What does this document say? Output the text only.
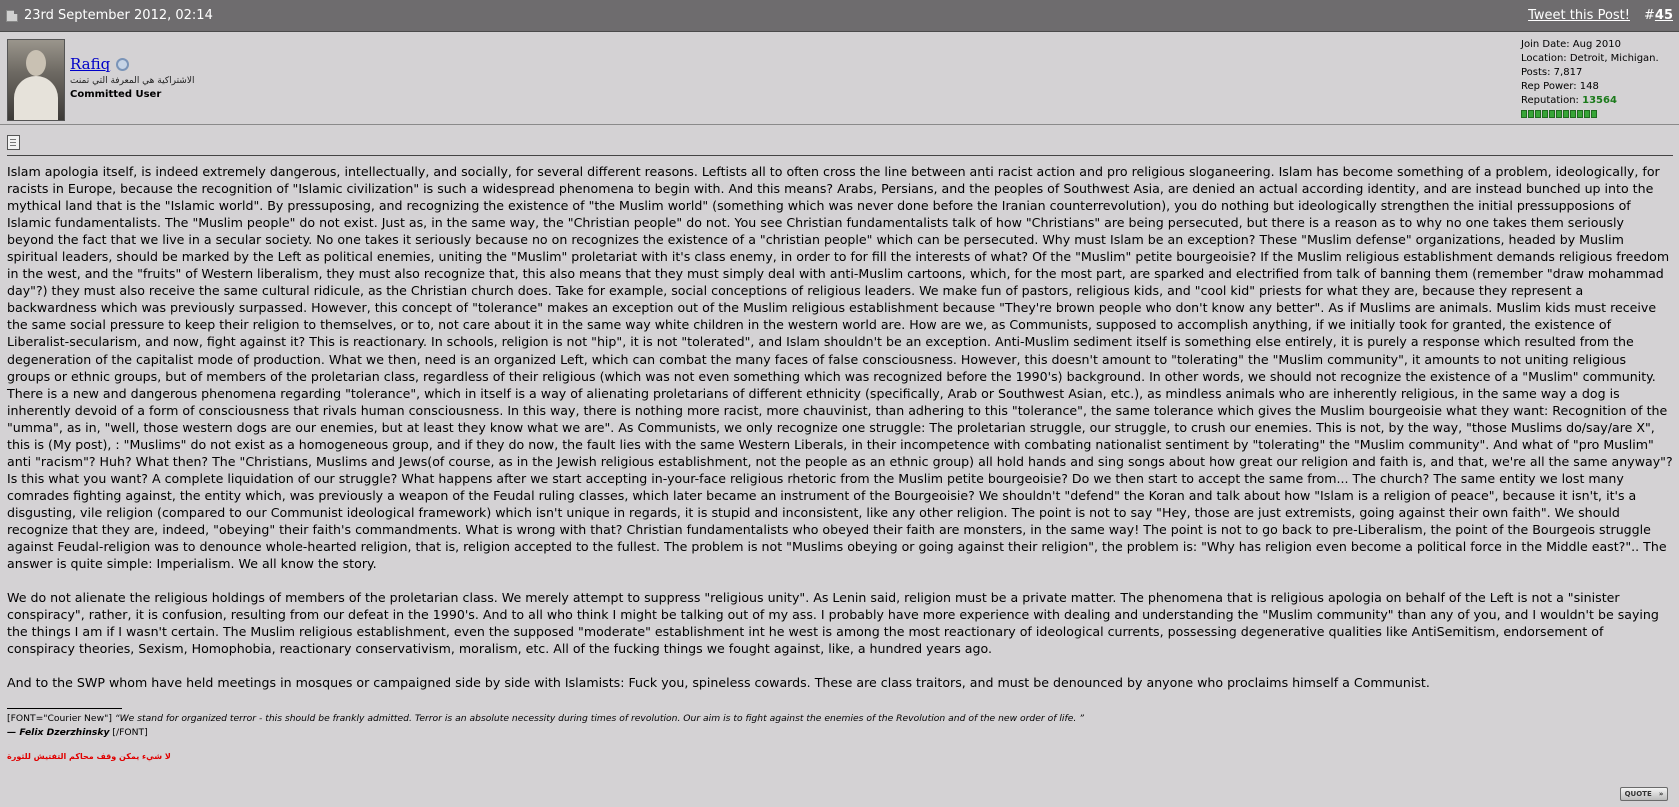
23rd September 2012, 02:14	Tweet this Post! #45
Rafiq
الاشتراكية هي المعرفة التي تمنت
Committed User
Join Date: Aug 2010
Location: Detroit, Michigan.
Posts: 7,817
Rep Power: 148
Reputation: 13564

Islam apologia itself, is indeed extremely dangerous, intellectually, and socially, for several different reasons. Leftists all to often cross the line between anti racist action and pro religious sloganeering. Islam has become something of a problem, ideologically, for racists in Europe, because the recognition of "Islamic civilization" is such a widespread phenomena to begin with. And this means? Arabs, Persians, and the peoples of Southwest Asia, are denied an actual according identity, and are instead bunched up into the mythical land that is the "Islamic world". By pressuposing, and recognizing the existence of "the Muslim world" (something which was never done before the Iranian counterrevolution), you do nothing but ideologically strengthen the initial pressupposions of Islamic fundamentalists. The "Muslim people" do not exist. Just as, in the same way, the "Christian people" do not. You see Christian fundamentalists talk of how "Christians" are being persecuted, but there is a reason as to why no one takes them seriously beyond the fact that we live in a secular society. No one takes it seriously because no on recognizes the existence of a "christian people" which can be persecuted. Why must Islam be an exception? These "Muslim defense" organizations, headed by Muslim spiritual leaders, should be marked by the Left as political enemies, uniting the "Muslim" proletariat with it's class enemy, in order to for fill the interests of what? Of the "Muslim" petite bourgeoisie? If the Muslim religious establishment demands religious freedom in the west, and the "fruits" of Western liberalism, they must also recognize that, this also means that they must simply deal with anti-Muslim cartoons, which, for the most part, are sparked and electrified from talk of banning them (remember "draw mohammad day"?) they must also receive the same cultural ridicule, as the Christian church does. Take for example, social conceptions of religious leaders. We make fun of pastors, religious kids, and "cool kid" priests for what they are, because they represent a backwardness which was previously surpassed. However, this concept of "tolerance" makes an exception out of the Muslim religious establishment because "They're brown people who don't know any better". As if Muslims are animals. Muslim kids must receive the same social pressure to keep their religion to themselves, or to, not care about it in the same way white children in the western world are. How are we, as Communists, supposed to accomplish anything, if we initially took for granted, the existence of Liberalist-secularism, and now, fight against it? This is reactionary. In schools, religion is not "hip", it is not "tolerated", and Islam shouldn't be an exception. Anti-Muslim sediment itself is something else entirely, it is purely a response which resulted from the degeneration of the capitalist mode of production. What we then, need is an organized Left, which can combat the many faces of false consciousness. However, this doesn't amount to "tolerating" the "Muslim community", it amounts to not uniting religious groups or ethnic groups, but of members of the proletarian class, regardless of their religious (which was not even something which was recognized before the 1990's) background. In other words, we should not recognize the existence of a "Muslim" community. There is a new and dangerous phenomena regarding "tolerance", which in itself is a way of alienating proletarians of different ethnicity (specifically, Arab or Southwest Asian, etc.), as mindless animals who are inherently religious, in the same way a dog is inherently devoid of a form of consciousness that rivals human consciousness. In this way, there is nothing more racist, more chauvinist, than adhering to this "tolerance", the same tolerance which gives the Muslim bourgeoisie what they want: Recognition of the "umma", as in, "well, those western dogs are our enemies, but at least they know what we are". As Communists, we only recognize one struggle: The proletarian struggle, our struggle, to crush our enemies. This is not, by the way, "those Muslims do/say/are X", this is (My post), : "Muslims" do not exist as a homogeneous group, and if they do now, the fault lies with the same Western Liberals, in their incompetence with combating nationalist sentiment by "tolerating" the "Muslim community". And what of "pro Muslim" anti "racism"? Huh? What then? The "Christians, Muslims and Jews(of course, as in the Jewish religious establishment, not the people as an ethnic group) all hold hands and sing songs about how great our religion and faith is, and that, we're all the same anyway"? Is this what you want? A complete liquidation of our struggle? What happens after we start accepting in-your-face religious rhetoric from the Muslim petite bourgeoisie? Do we then start to accept the same from... The church? The same entity we lost many comrades fighting against, the entity which, was previously a weapon of the Feudal ruling classes, which later became an instrument of the Bourgeoisie? We shouldn't "defend" the Koran and talk about how "Islam is a religion of peace", because it isn't, it's a disgusting, vile religion (compared to our Communist ideological framework) which isn't unique in regards, it is stupid and inconsistent, like any other religion. The point is not to say "Hey, those are just extremists, going against their own faith". We should recognize that they are, indeed, "obeying" their faith's commandments. What is wrong with that? Christian fundamentalists who obeyed their faith are monsters, in the same way! The point is not to go back to pre-Liberalism, the point of the Bourgeois struggle against Feudal-religion was to denounce whole-hearted religion, that is, religion accepted to the fullest. The problem is not "Muslims obeying or going against their religion", the problem is: "Why has religion even become a political force in the Middle east?".. The answer is quite simple: Imperialism. We all know the story.

We do not alienate the religious holdings of members of the proletarian class. We merely attempt to suppress "religious unity". As Lenin said, religion must be a private matter. The phenomena that is religious apologia on behalf of the Left is not a "sinister conspiracy", rather, it is confusion, resulting from our defeat in the 1990's. And to all who think I might be talking out of my ass. I probably have more experience with dealing and understanding the "Muslim community" than any of you, and I wouldn't be saying the things I am if I wasn't certain. The Muslim religious establishment, even the supposed "moderate" establishment int he west is among the most reactionary of ideological currents, possessing degenerative qualities like AntiSemitism, endorsement of conspiracy theories, Sexism, Homophobia, reactionary conservativism, moralism, etc. All of the fucking things we fought against, like, a hundred years ago.

And to the SWP whom have held meetings in mosques or campaigned side by side with Islamists: Fuck you, spineless cowards. These are class traitors, and must be denounced by anyone who proclaims himself a Communist.

[FONT="Courier New"] “We stand for organized terror - this should be frankly admitted. Terror is an absolute necessity during times of revolution. Our aim is to fight against the enemies of the Revolution and of the new order of life. ”
— Felix Dzerzhinsky [/FONT]
لا شيء يمكن وقف محاكم التفتيش للثورة
QUOTE »
